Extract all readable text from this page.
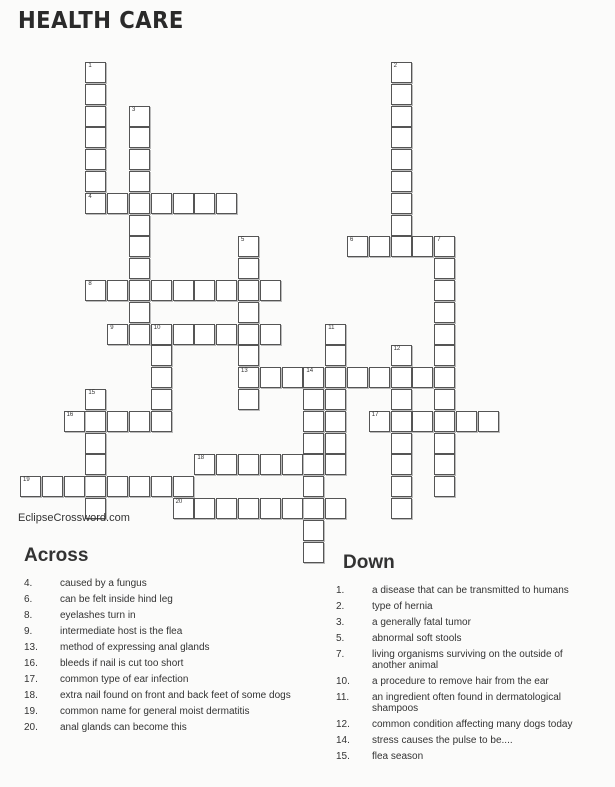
HEALTH CARE
1
4
2
3
5
13
6	7
8
9	10	11
12
14
15
16	17
18
19
20
EclipseCrossword.com
Across	Down
4.	caused by a fungus
6.	can be felt inside hind leg
8.	eyelashes turn in
9.	intermediate host is the flea
13.	method of expressing anal glands
16.	bleeds if nail is cut too short
17.	common type of ear infection
18.	extra nail found on front and back feet of some dogs
19.	common name for general moist dermatitis
20.	anal glands can become this
1.	a disease that can be transmitted to humans
2.	type of hernia
3.	a generally fatal tumor
5.	abnormal soft stools
7.	living organisms surviving on the outside of another animal
10.	a procedure to remove hair from the ear
11.	an ingredient often found in dermatological shampoos
12.	common condition affecting many dogs today
14.	stress causes the pulse to be....
15.	flea season
